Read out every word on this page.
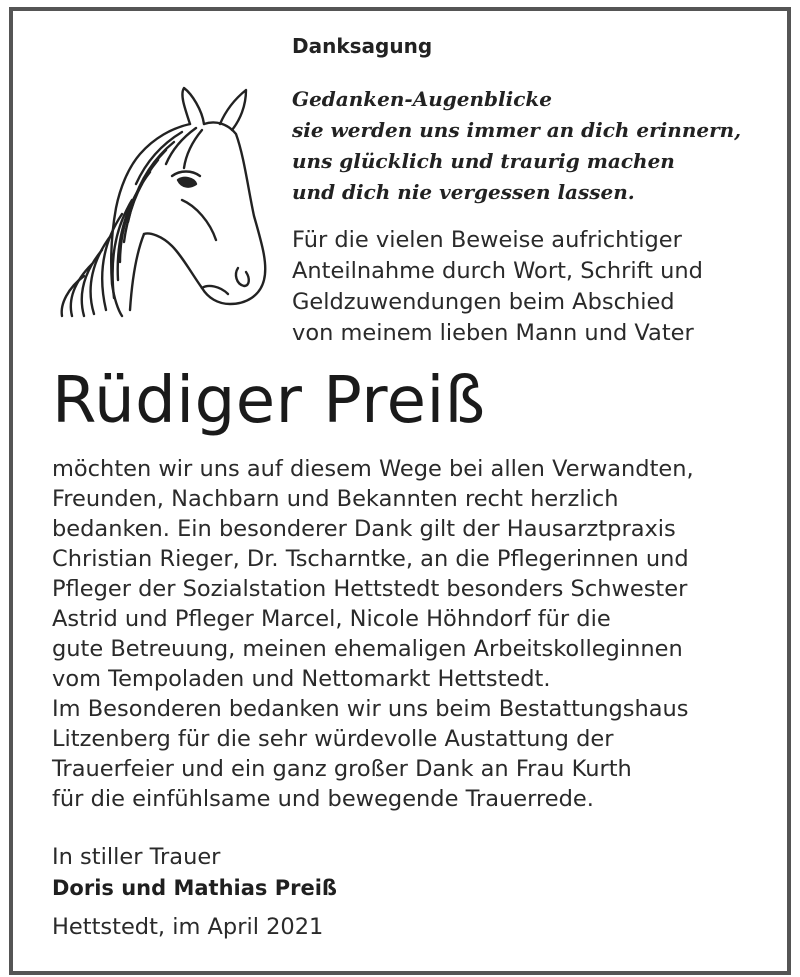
Danksagung
Gedanken-Augenblicke
sie werden uns immer an dich erinnern,
uns glücklich und traurig machen
und dich nie vergessen lassen.
Für die vielen Beweise aufrichtiger
Anteilnahme durch Wort, Schrift und
Geldzuwendungen beim Abschied
von meinem lieben Mann und Vater
Rüdiger Preiß
möchten wir uns auf diesem Wege bei allen Verwandten,
Freunden, Nachbarn und Bekannten recht herzlich
bedanken. Ein besonderer Dank gilt der Hausarztpraxis
Christian Rieger, Dr. Tscharntke, an die Pflegerinnen und
Pfleger der Sozialstation Hettstedt besonders Schwester
Astrid und Pfleger Marcel, Nicole Höhndorf für die
gute Betreuung, meinen ehemaligen Arbeitskolleginnen
vom Tempoladen und Nettomarkt Hettstedt.
Im Besonderen bedanken wir uns beim Bestattungshaus
Litzenberg für die sehr würdevolle Austattung der
Trauerfeier und ein ganz großer Dank an Frau Kurth
für die einfühlsame und bewegende Trauerrede.
In stiller Trauer
Doris und Mathias Preiß
Hettstedt, im April 2021
